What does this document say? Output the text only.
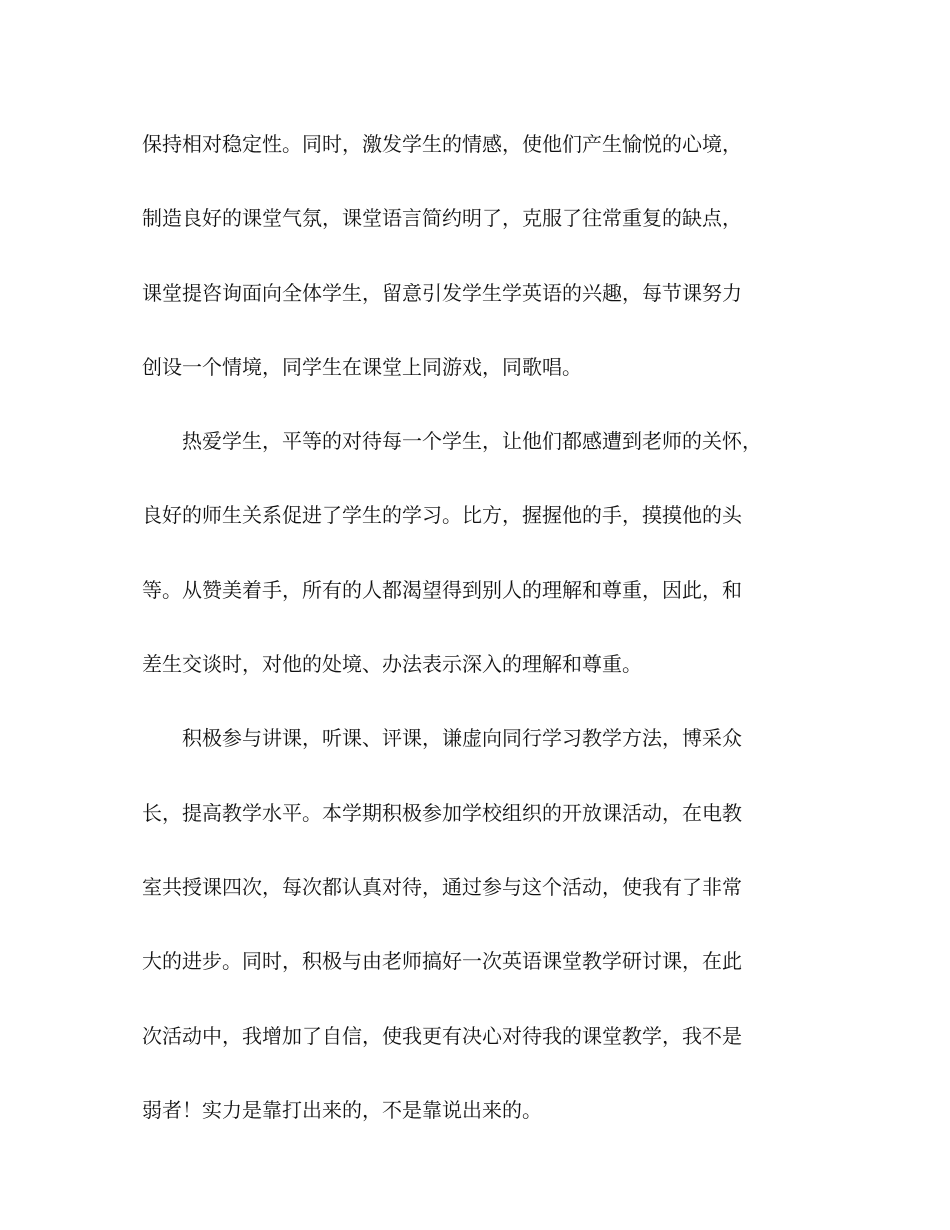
保持相对稳定性。同时，激发学生的情感，使他们产生愉悦的心境，
制造良好的课堂气氛，课堂语言简约明了，克服了往常重复的缺点，
课堂提咨询面向全体学生，留意引发学生学英语的兴趣，每节课努力
创设一个情境，同学生在课堂上同游戏，同歌唱。
热爱学生，平等的对待每一个学生，让他们都感遭到老师的关怀，
良好的师生关系促进了学生的学习。比方，握握他的手，摸摸他的头
等。从赞美着手，所有的人都渴望得到别人的理解和尊重，因此，和
差生交谈时，对他的处境、办法表示深入的理解和尊重。
积极参与讲课，听课、评课，谦虚向同行学习教学方法，博采众
长，提高教学水平。本学期积极参加学校组织的开放课活动，在电教
室共授课四次，每次都认真对待，通过参与这个活动，使我有了非常
大的进步。同时，积极与由老师搞好一次英语课堂教学研讨课，在此
次活动中，我增加了自信，使我更有决心对待我的课堂教学，我不是
弱者！实力是靠打出来的，不是靠说出来的。
